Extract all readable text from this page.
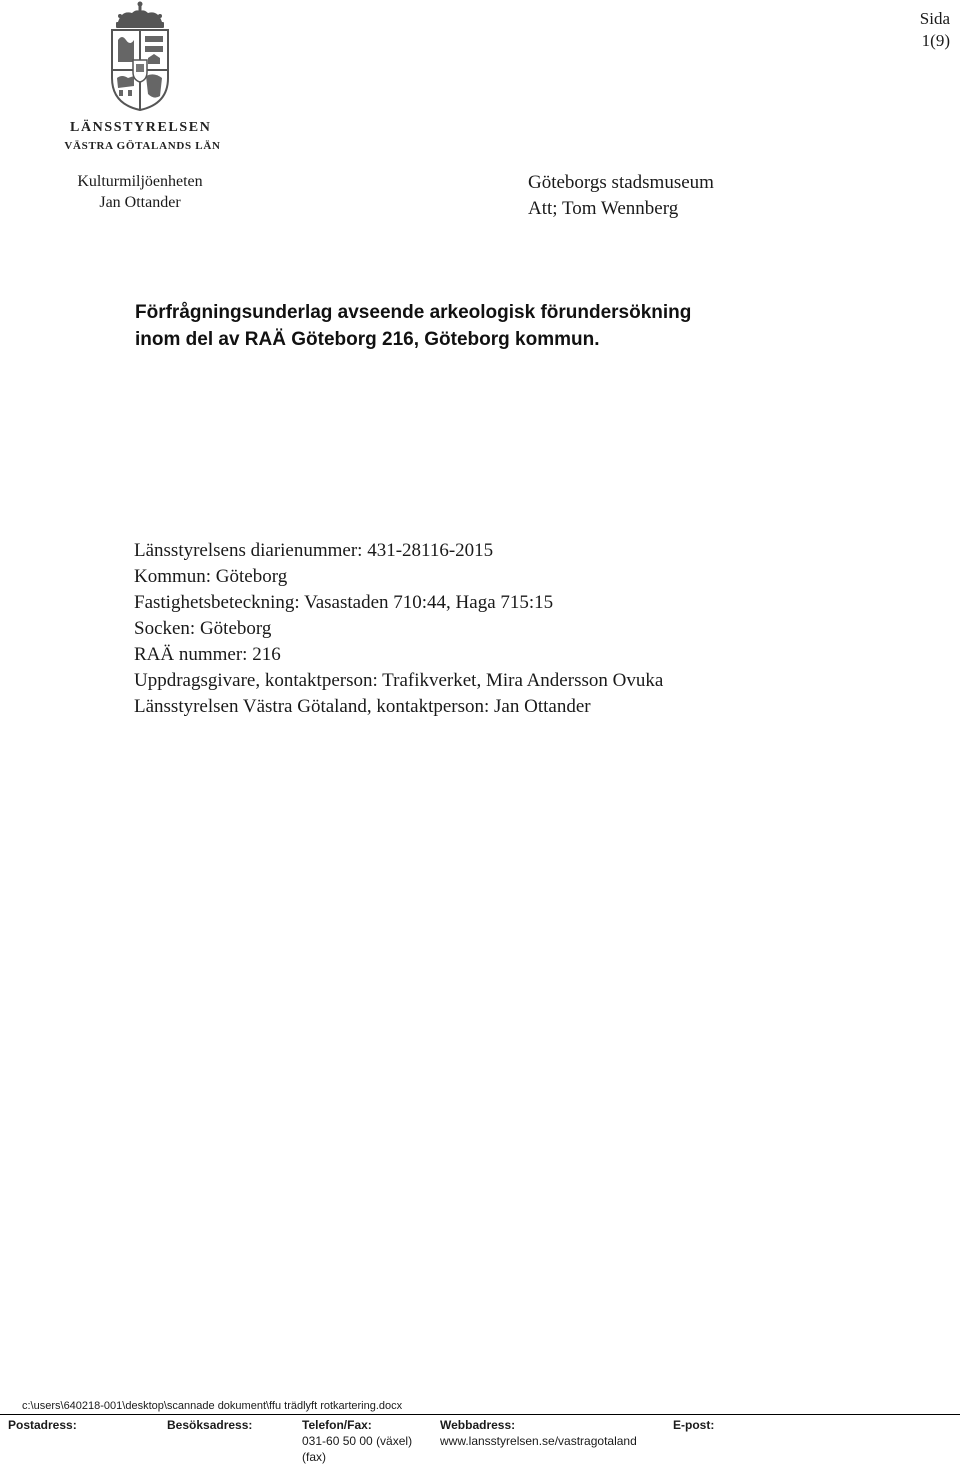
LÄNSSTYRELSEN
VÄSTRA GÖTALANDS LÄN
Sida
1(9)
Kulturmiljöenheten
Jan Ottander
Göteborgs stadsmuseum
Att; Tom Wennberg
Förfrågningsunderlag avseende arkeologisk förundersökning
inom del av RAÄ Göteborg 216, Göteborg kommun.
Länsstyrelsens diarienummer: 431-28116-2015
Kommun: Göteborg
Fastighetsbeteckning: Vasastaden 710:44, Haga 715:15
Socken: Göteborg
RAÄ nummer: 216
Uppdragsgivare, kontaktperson: Trafikverket, Mira Andersson Ovuka
Länsstyrelsen Västra Götaland, kontaktperson: Jan Ottander
c:\users\640218-001\desktop\scannade dokument\ffu trädlyft rotkartering.docx
Postadress:	Besöksadress:	Telefon/Fax:
031-60 50 00 (växel)
(fax)
Webbadress:
www.lansstyrelsen.se/vastragotaland
E-post:
